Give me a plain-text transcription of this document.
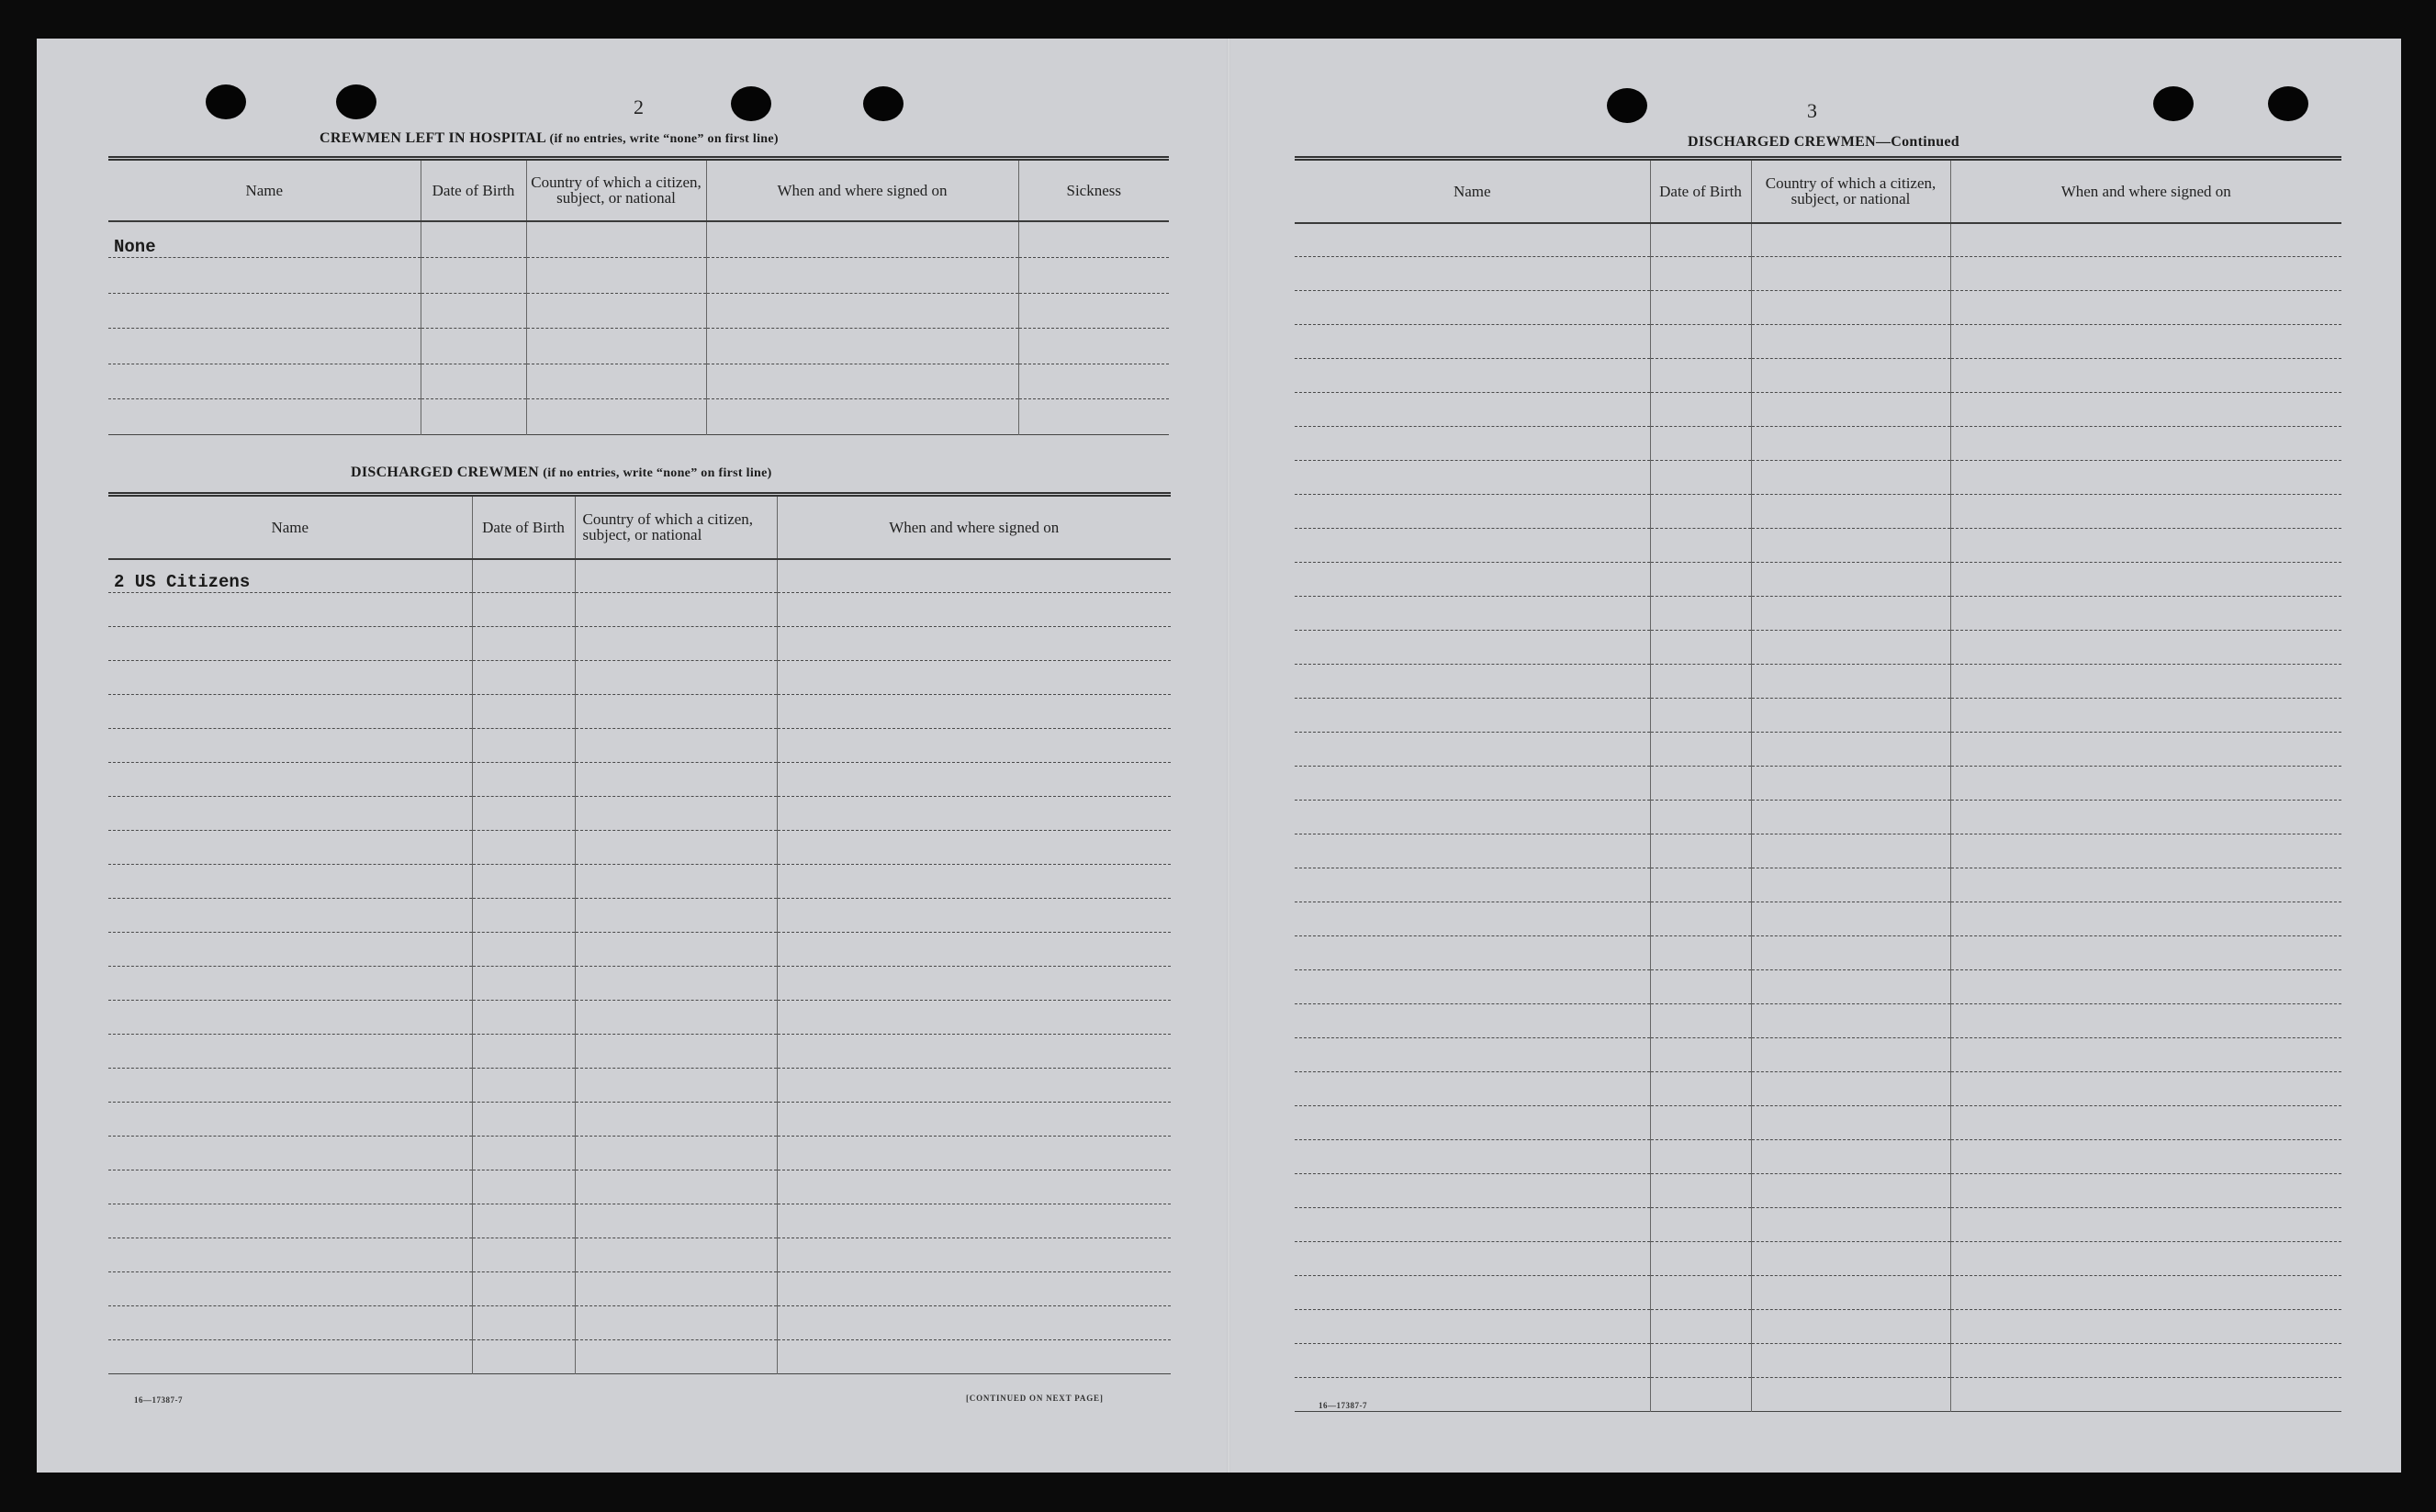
2
CREWMEN LEFT IN HOSPITAL (if no entries, write “none” on first line)
Name	Date of Birth	Country of which a citizen, subject, or national	When and where signed on	Sickness
None				

DISCHARGED CREWMEN (if no entries, write “none” on first line)
Name	Date of Birth	Country of which a citizen, subject, or national	When and where signed on
2 US Citizens			

16—17387-7	[CONTINUED ON NEXT PAGE]
3
DISCHARGED CREWMEN—Continued
Name	Date of Birth	Country of which a citizen, subject, or national	When and where signed on

16—17387-7
